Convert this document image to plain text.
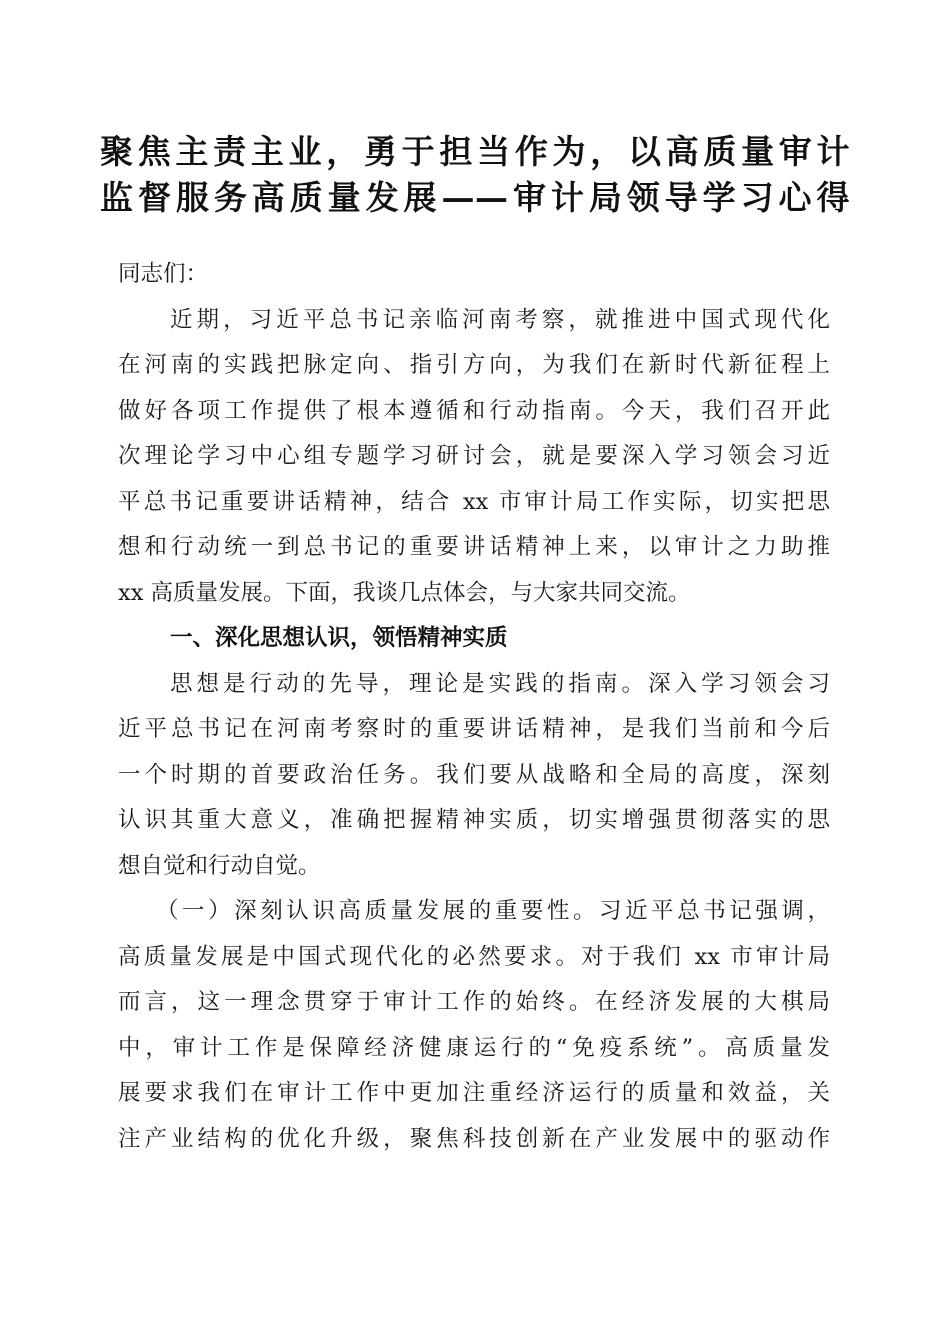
聚焦主责主业，勇于担当作为，以高质量审计
监督服务高质量发展——审计局领导学习心得
同志们：
近期，习近平总书记亲临河南考察，就推进中国式现代化
在河南的实践把脉定向、指引方向，为我们在新时代新征程上
做好各项工作提供了根本遵循和行动指南。今天，我们召开此
次理论学习中心组专题学习研讨会，就是要深入学习领会习近
平总书记重要讲话精神，结合 xx 市审计局工作实际，切实把思
想和行动统一到总书记的重要讲话精神上来，以审计之力助推
xx 高质量发展。下面，我谈几点体会，与大家共同交流。
一、深化思想认识，领悟精神实质
思想是行动的先导，理论是实践的指南。深入学习领会习
近平总书记在河南考察时的重要讲话精神，是我们当前和今后
一个时期的首要政治任务。我们要从战略和全局的高度，深刻
认识其重大意义，准确把握精神实质，切实增强贯彻落实的思
想自觉和行动自觉。
（一）深刻认识高质量发展的重要性。习近平总书记强调，
高质量发展是中国式现代化的必然要求。对于我们 xx 市审计局
而言，这一理念贯穿于审计工作的始终。在经济发展的大棋局
中，审计工作是保障经济健康运行的“免疫系统”。高质量发
展要求我们在审计工作中更加注重经济运行的质量和效益，关
注产业结构的优化升级，聚焦科技创新在产业发展中的驱动作
